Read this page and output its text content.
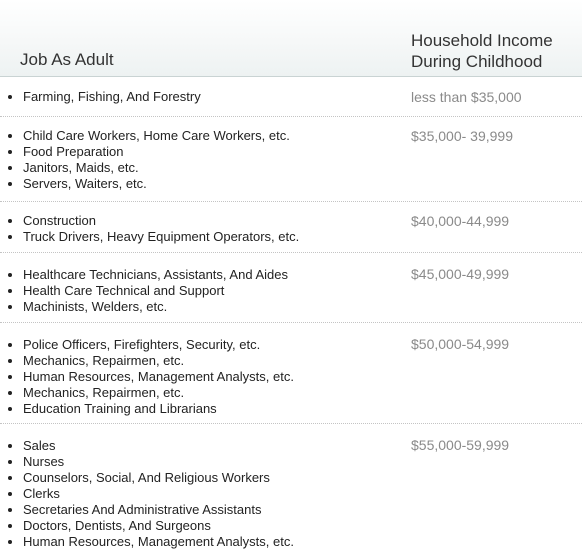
Job As Adult
Household Income
During Childhood
Farming, Fishing, And Forestry	less than $35,000
Child Care Workers, Home Care Workers, etc.
Food Preparation
Janitors, Maids, etc.
Servers, Waiters, etc.
$35,000- 39,999
Construction
Truck Drivers, Heavy Equipment Operators, etc.
$40,000-44,999
Healthcare Technicians, Assistants, And Aides
Health Care Technical and Support
Machinists, Welders, etc.
$45,000-49,999
Police Officers, Firefighters, Security, etc.
Mechanics, Repairmen, etc.
Human Resources, Management Analysts, etc.
Mechanics, Repairmen, etc.
Education Training and Librarians
$50,000-54,999
Sales
Nurses
Counselors, Social, And Religious Workers
Clerks
Secretaries And Administrative Assistants
Doctors, Dentists, And Surgeons
Human Resources, Management Analysts, etc.
$55,000-59,999
